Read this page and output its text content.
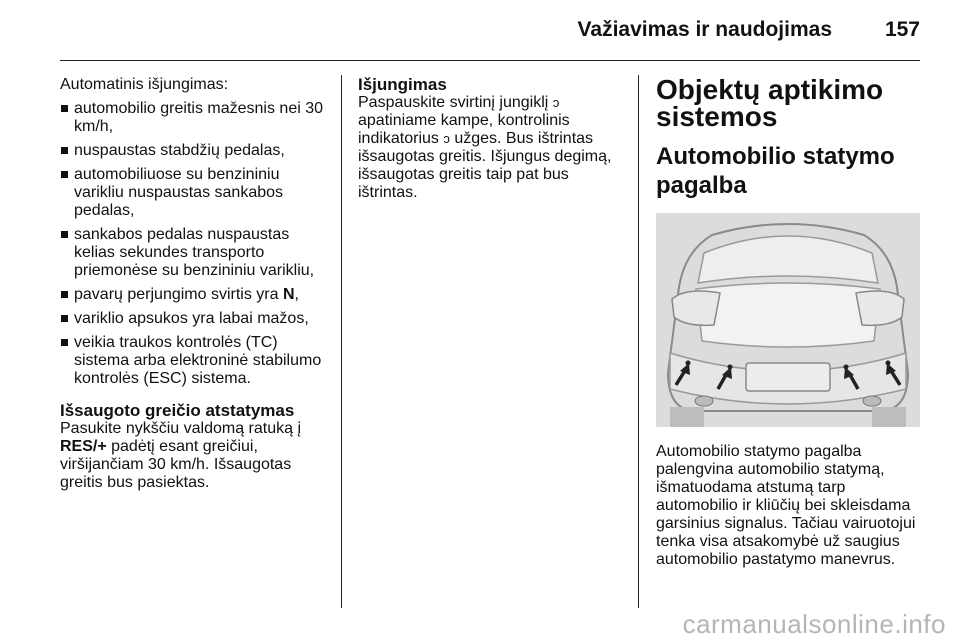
Važiavimas ir naudojimas	157

Automatinis išjungimas:

automobilio greitis mažesnis nei 30 km/h,
nuspaustas stabdžių pedalas,
automobiliuose su benzininiu varikliu nuspaustas sankabos pedalas,
sankabos pedalas nuspaustas kelias sekundes transporto priemonėse su benzininiu varikliu,
pavarų perjungimo svirtis yra N,
variklio apsukos yra labai mažos,
veikia traukos kontrolės (TC) sistema arba elektroninė stabilumo kontrolės (ESC) sistema.

Išsaugoto greičio atstatymas

Pasukite nykščiu valdomą ratuką į RES/+ padėtį esant greičiui, viršijančiam 30 km/h. Išsaugotas greitis bus pasiektas.

Išjungimas

Paspauskite svirtinį jungiklį ↄ apatiniame kampe, kontrolinis indikatorius ↄ užges. Bus ištrintas išsaugotas greitis. Išjungus degimą, išsaugotas greitis taip pat bus ištrintas.

Objektų aptikimo sistemos

Automobilio statymo pagalba

Automobilio statymo pagalba palengvina automobilio statymą, išmatuodama atstumą tarp automobilio ir kliūčių bei skleisdama garsinius signalus. Tačiau vairuotojui tenka visa atsakomybė už saugius automobilio pastatymo manevrus.

carmanualsonline.info
